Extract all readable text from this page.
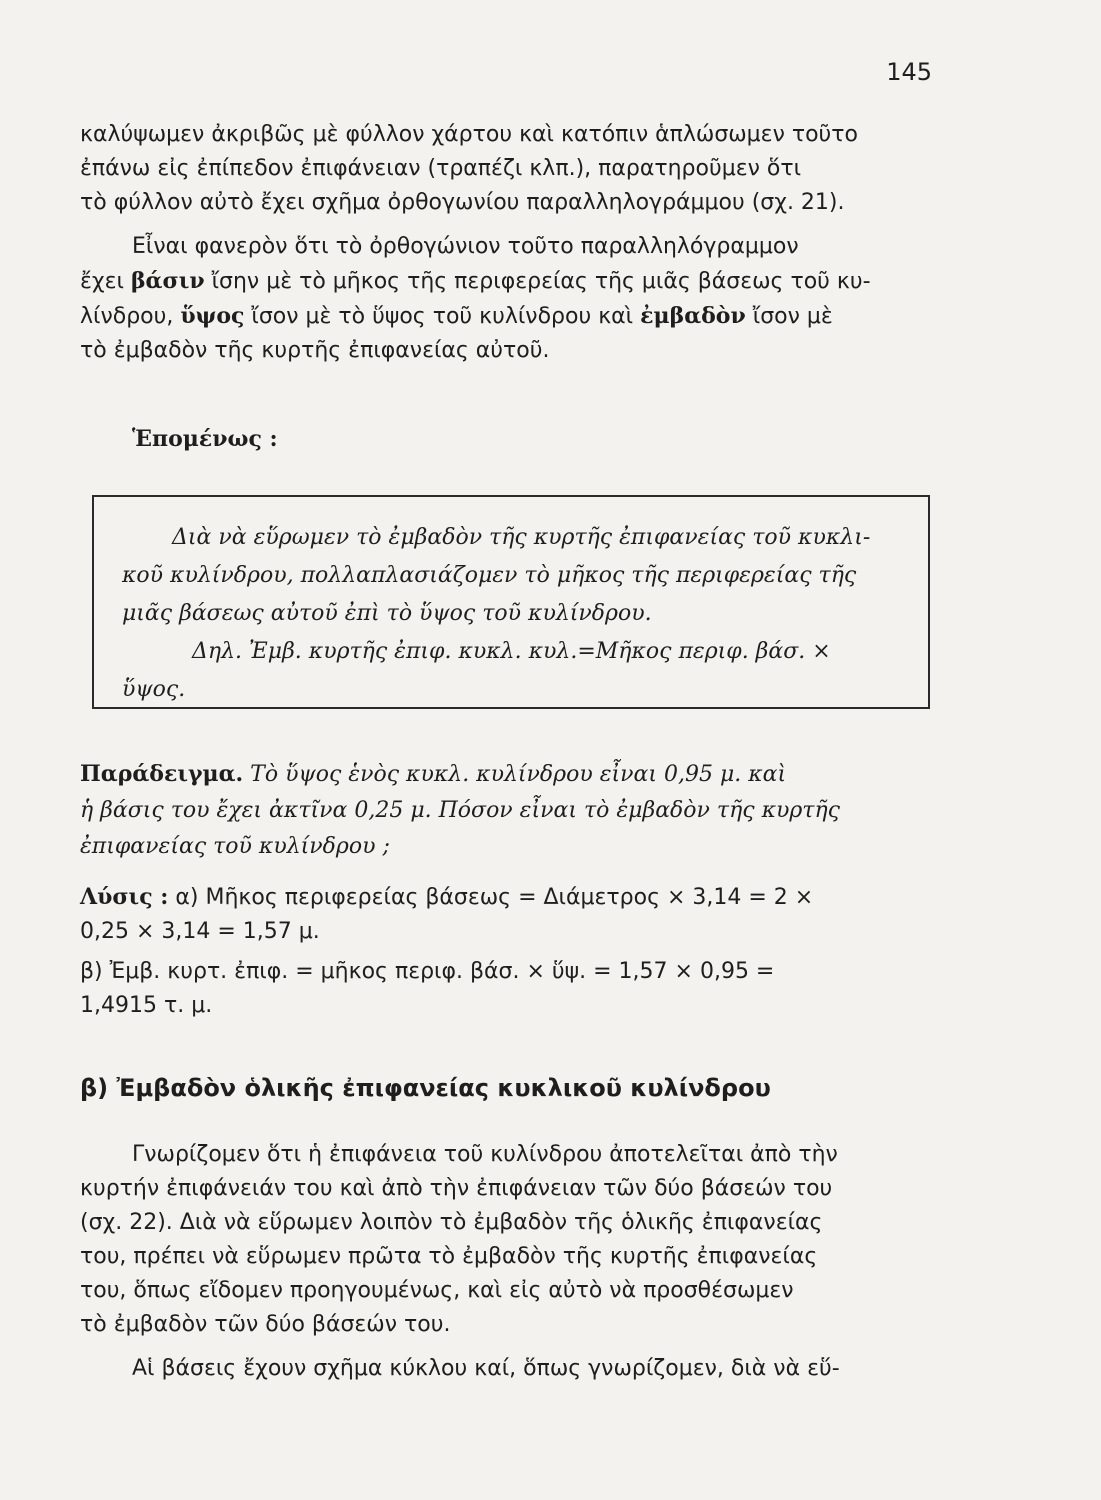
145
καλύψωμεν ἀκριβῶς μὲ φύλλον χάρτου καὶ κατόπιν ἁπλώσωμεν τοῦτο
ἐπάνω εἰς ἐπίπεδον ἐπιφάνειαν (τραπέζι κλπ.), παρατηροῦμεν ὅτι
τὸ φύλλον αὐτὸ ἔχει σχῆμα ὀρθογωνίου παραλληλογράμμου (σχ. 21).
Εἶναι φανερὸν ὅτι τὸ ὀρθογώνιον τοῦτο παραλληλόγραμμον
ἔχει βάσιν ἴσην μὲ τὸ μῆκος τῆς περιφερείας τῆς μιᾶς βάσεως τοῦ κυ-
λίνδρου, ὕψος ἴσον μὲ τὸ ὕψος τοῦ κυλίνδρου καὶ ἐμβαδὸν ἴσον μὲ
τὸ ἐμβαδὸν τῆς κυρτῆς ἐπιφανείας αὐτοῦ.
Ἑπομένως :
Διὰ νὰ εὕρωμεν τὸ ἐμβαδὸν τῆς κυρτῆς ἐπιφανείας τοῦ κυκλι-
κοῦ κυλίνδρου, πολλαπλασιάζομεν τὸ μῆκος τῆς περιφερείας τῆς
μιᾶς βάσεως αὐτοῦ ἐπὶ τὸ ὕψος τοῦ κυλίνδρου.
Δηλ. Ἐμβ. κυρτῆς ἐπιφ. κυκλ. κυλ.=Μῆκος περιφ. βάσ. ×
ὕψος.
Παράδειγμα. Τὸ ὕψος ἑνὸς κυκλ. κυλίνδρου εἶναι 0,95 μ. καὶ
ἡ βάσις του ἔχει ἀκτῖνα 0,25 μ. Πόσον εἶναι τὸ ἐμβαδὸν τῆς κυρτῆς
ἐπιφανείας τοῦ κυλίνδρου ;
Λύσις : α) Μῆκος περιφερείας βάσεως = Διάμετρος × 3,14 = 2 ×
0,25 × 3,14 = 1,57 μ.
β) Ἐμβ. κυρτ. ἐπιφ. = μῆκος περιφ. βάσ. × ὕψ. = 1,57 × 0,95 =
1,4915 τ. μ.
β) Ἐμβαδὸν ὁλικῆς ἐπιφανείας κυκλικοῦ κυλίνδρου
Γνωρίζομεν ὅτι ἡ ἐπιφάνεια τοῦ κυλίνδρου ἀποτελεῖται ἀπὸ τὴν
κυρτήν ἐπιφάνειάν του καὶ ἀπὸ τὴν ἐπιφάνειαν τῶν δύο βάσεών του
(σχ. 22). Διὰ νὰ εὕρωμεν λοιπὸν τὸ ἐμβαδὸν τῆς ὁλικῆς ἐπιφανείας
του, πρέπει νὰ εὕρωμεν πρῶτα τὸ ἐμβαδὸν τῆς κυρτῆς ἐπιφανείας
του, ὅπως εἴδομεν προηγουμένως, καὶ εἰς αὐτὸ νὰ προσθέσωμεν
τὸ ἐμβαδὸν τῶν δύο βάσεών του.
Αἱ βάσεις ἔχουν σχῆμα κύκλου καί, ὅπως γνωρίζομεν, διὰ νὰ εὕ-
